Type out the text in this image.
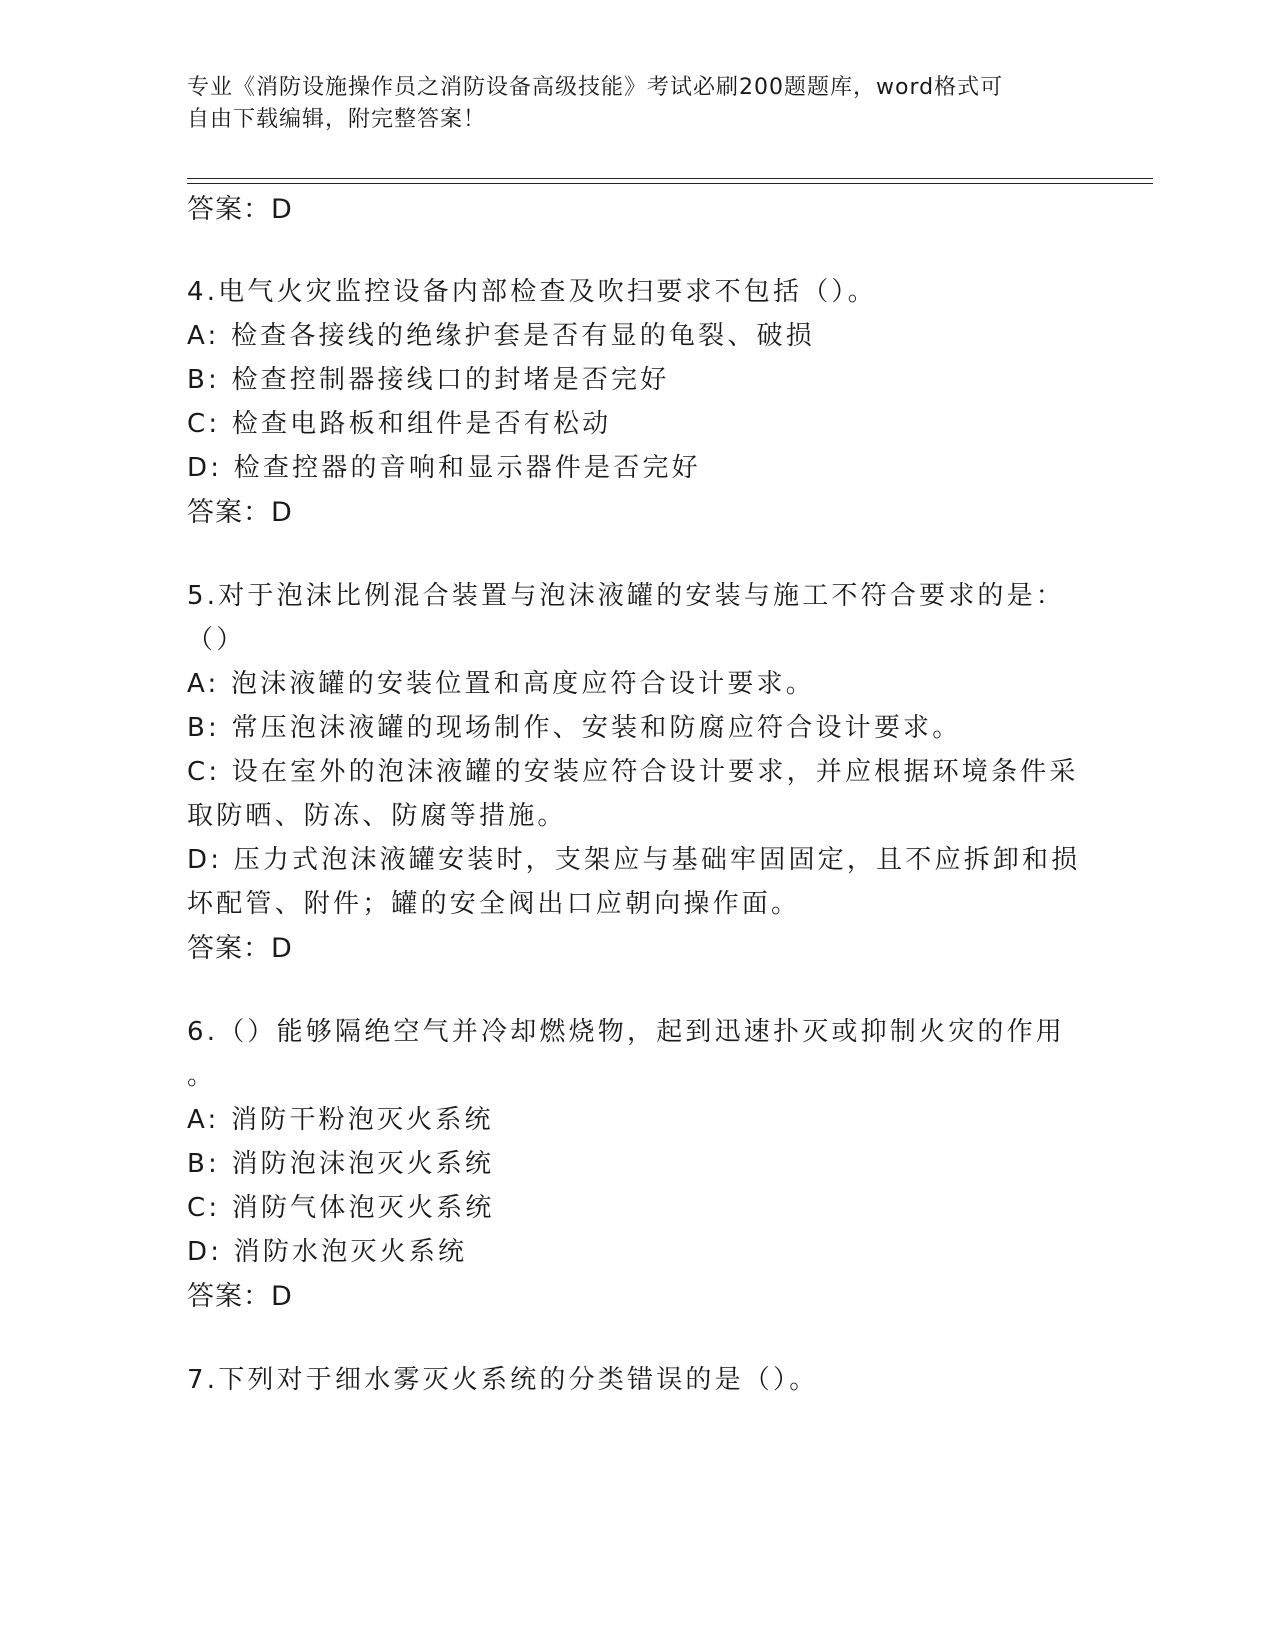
专业《消防设施操作员之消防设备高级技能》考试必刷200题题库，word格式可
自由下载编辑，附完整答案！
答案：D
4.电气火灾监控设备内部检查及吹扫要求不包括（）。
A: 检查各接线的绝缘护套是否有显的龟裂、破损
B: 检查控制器接线口的封堵是否完好
C: 检查电路板和组件是否有松动
D: 检查控器的音响和显示器件是否完好
答案：D
5.对于泡沫比例混合装置与泡沫液罐的安装与施工不符合要求的是：
（）
A: 泡沫液罐的安装位置和高度应符合设计要求。
B: 常压泡沫液罐的现场制作、安装和防腐应符合设计要求。
C: 设在室外的泡沫液罐的安装应符合设计要求，并应根据环境条件采
取防晒、防冻、防腐等措施。
D: 压力式泡沫液罐安装时，支架应与基础牢固固定，且不应拆卸和损
坏配管、附件；罐的安全阀出口应朝向操作面。
答案：D
6.（）能够隔绝空气并冷却燃烧物，起到迅速扑灭或抑制火灾的作用
。
A: 消防干粉泡灭火系统
B: 消防泡沫泡灭火系统
C: 消防气体泡灭火系统
D: 消防水泡灭火系统
答案：D
7.下列对于细水雾灭火系统的分类错误的是（）。
